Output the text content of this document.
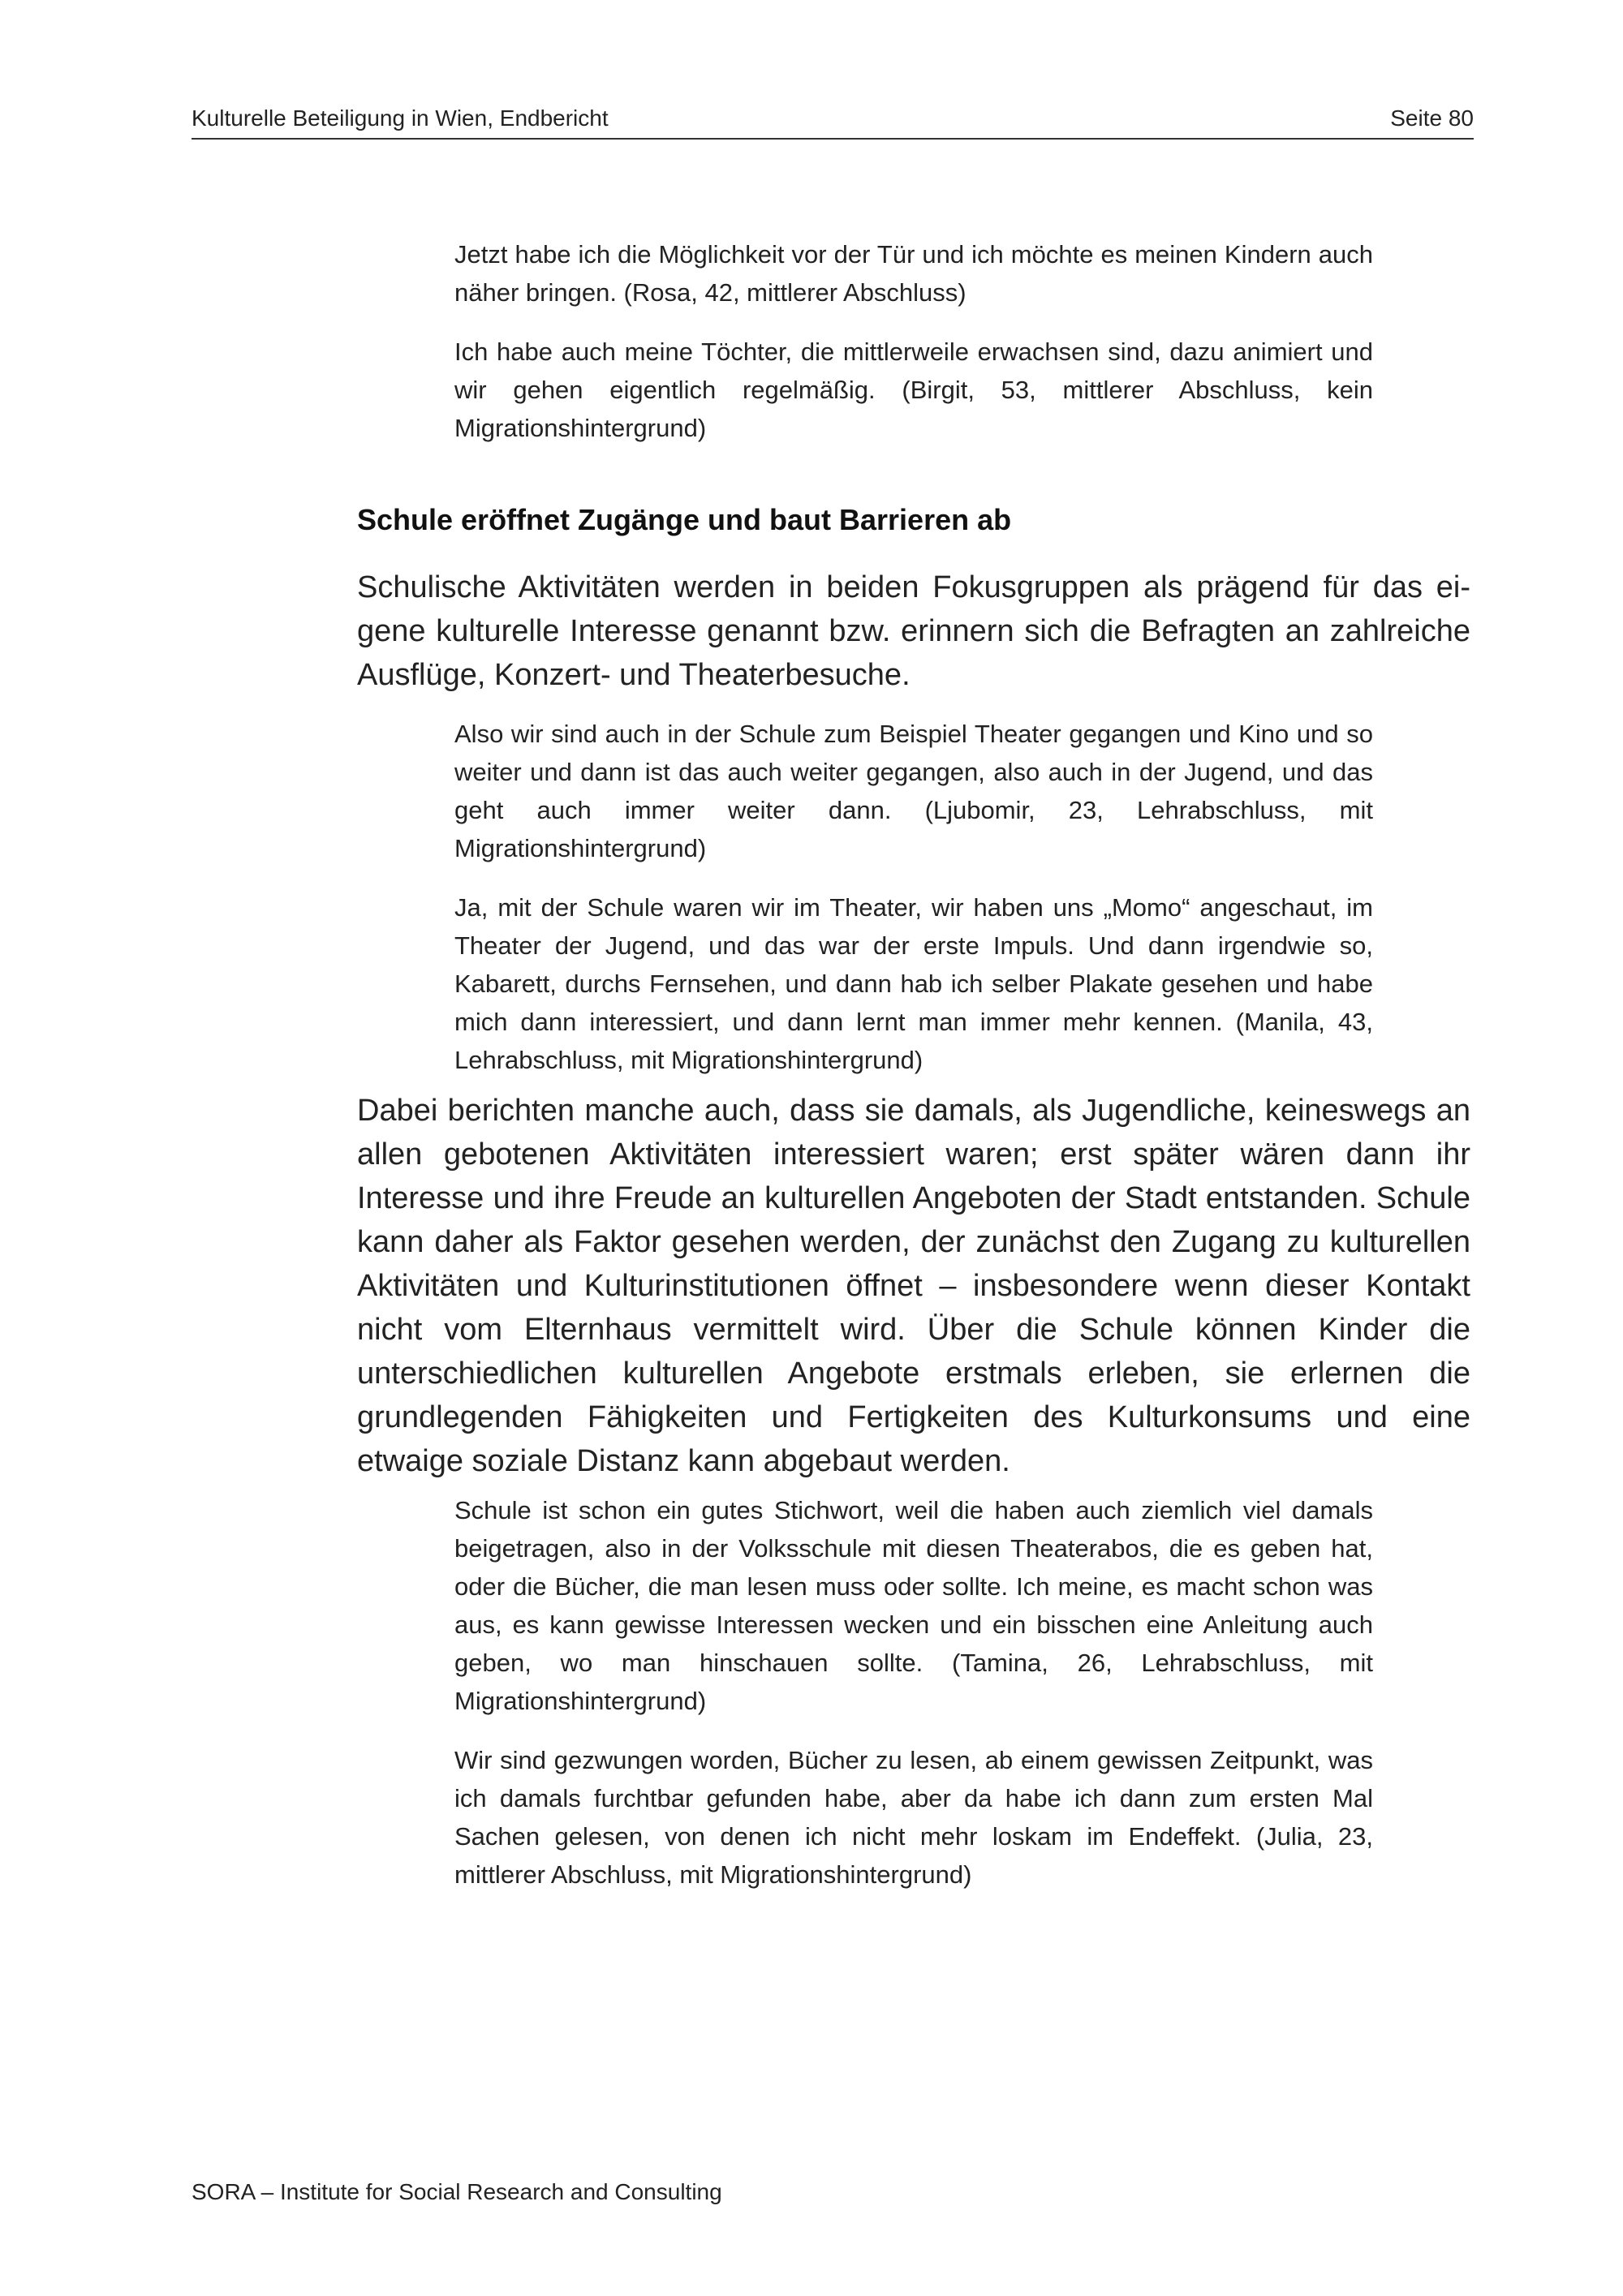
Kulturelle Beteiligung in Wien, Endbericht	Seite 80
Jetzt habe ich die Möglichkeit vor der Tür und ich möchte es meinen Kindern auch näher bringen. (Rosa, 42, mittlerer Abschluss)
Ich habe auch meine Töchter, die mittlerweile erwachsen sind, dazu animiert und wir gehen eigentlich regelmäßig. (Birgit, 53, mittlerer Abschluss, kein Migrationshintergrund)
Schule eröffnet Zugänge und baut Barrieren ab
Schulische Aktivitäten werden in beiden Fokusgruppen als prägend für das eigene kulturelle Interesse genannt bzw. erinnern sich die Befragten an zahlreiche Ausflüge, Konzert- und Theaterbesuche.
Also wir sind auch in der Schule zum Beispiel Theater gegangen und Kino und so weiter und dann ist das auch weiter gegangen, also auch in der Jugend, und das geht auch immer weiter dann. (Ljubomir, 23, Lehrabschluss, mit Migrationshintergrund)
Ja, mit der Schule waren wir im Theater, wir haben uns „Momo“ angeschaut, im Theater der Jugend, und das war der erste Impuls. Und dann irgendwie so, Kabarett, durchs Fernsehen, und dann hab ich selber Plakate gesehen und habe mich dann interessiert, und dann lernt man immer mehr kennen. (Manila, 43, Lehrabschluss, mit Migrationshintergrund)
Dabei berichten manche auch, dass sie damals, als Jugendliche, keineswegs an allen gebotenen Aktivitäten interessiert waren; erst später wären dann ihr Interesse und ihre Freude an kulturellen Angeboten der Stadt entstanden. Schule kann daher als Faktor gesehen werden, der zunächst den Zugang zu kulturellen Aktivitäten und Kulturinstitutionen öffnet – insbesondere wenn dieser Kontakt nicht vom Elternhaus vermittelt wird. Über die Schule können Kinder die unterschiedlichen kulturellen Angebote erstmals erleben, sie erlernen die grundlegenden Fähigkeiten und Fertigkeiten des Kulturkonsums und eine etwaige soziale Distanz kann abgebaut werden.
Schule ist schon ein gutes Stichwort, weil die haben auch ziemlich viel damals beigetragen, also in der Volksschule mit diesen Theaterabos, die es geben hat, oder die Bücher, die man lesen muss oder sollte. Ich meine, es macht schon was aus, es kann gewisse Interessen wecken und ein bisschen eine Anleitung auch geben, wo man hinschauen sollte. (Tamina, 26, Lehrabschluss, mit Migrationshintergrund)
Wir sind gezwungen worden, Bücher zu lesen, ab einem gewissen Zeitpunkt, was ich damals furchtbar gefunden habe, aber da habe ich dann zum ersten Mal Sachen gelesen, von denen ich nicht mehr loskam im Endeffekt. (Julia, 23, mittlerer Abschluss, mit Migrationshintergrund)
SORA – Institute for Social Research and Consulting
